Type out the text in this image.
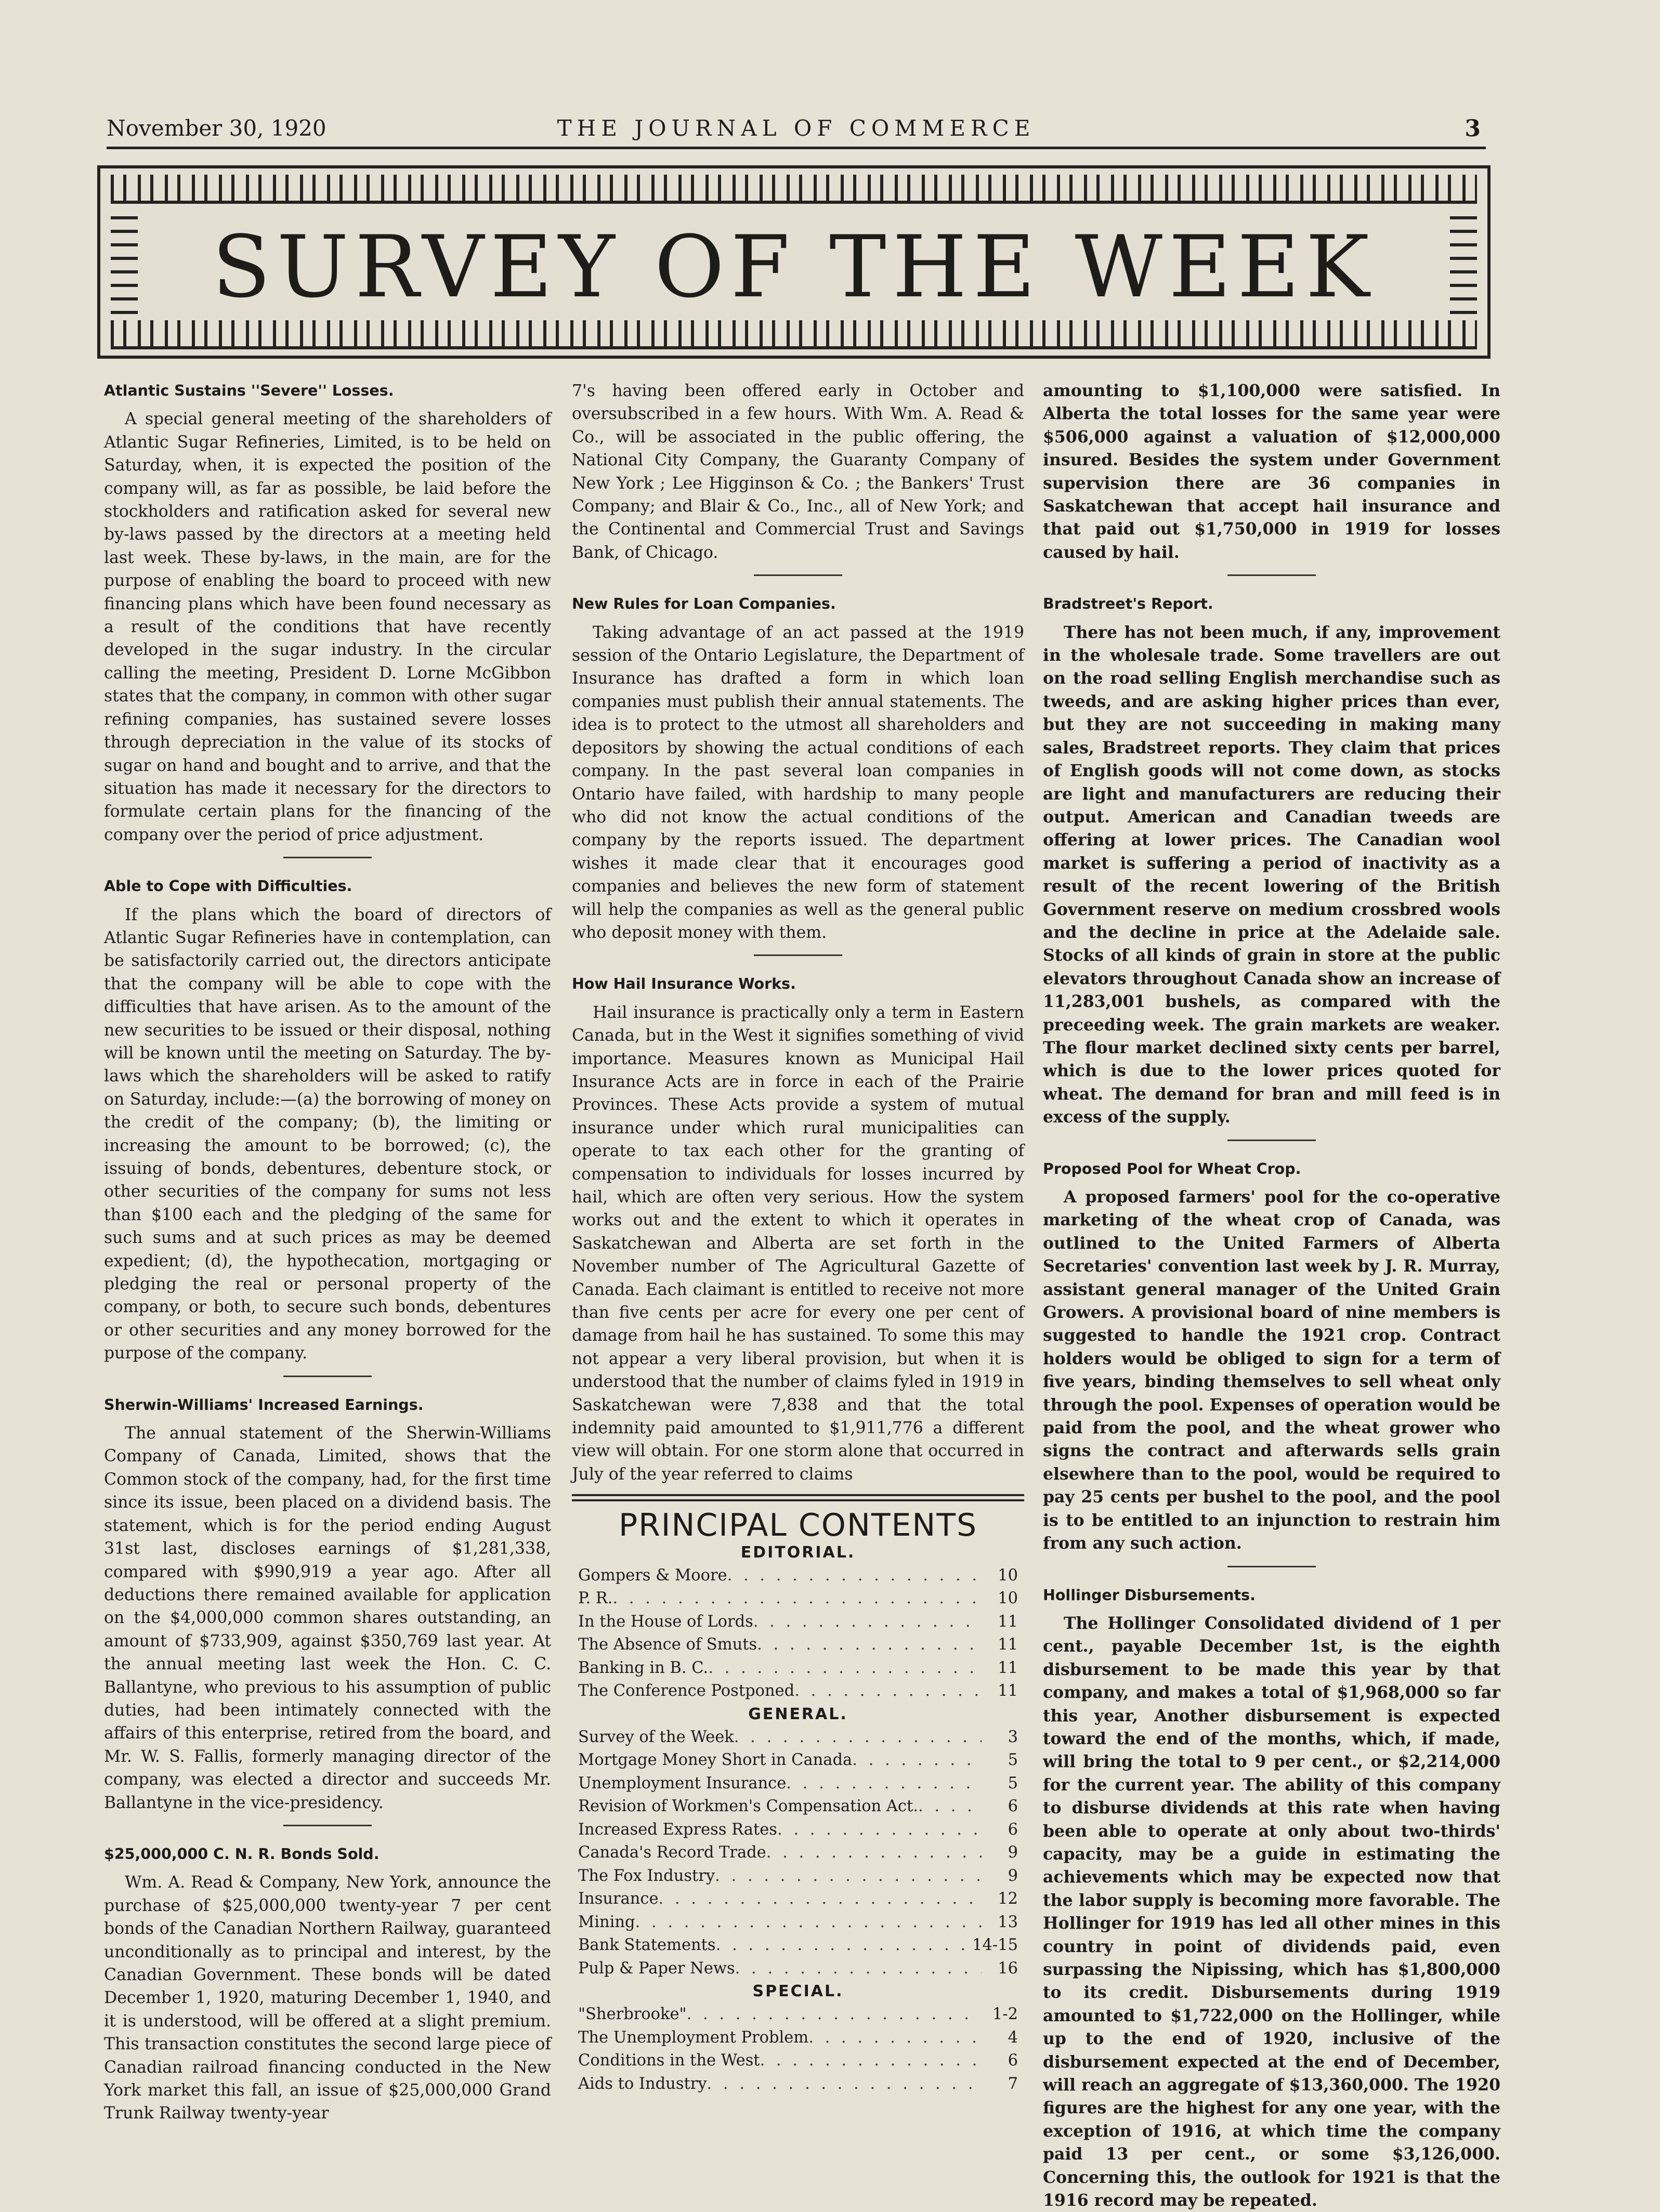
November 30, 1920	THE JOURNAL OF COMMERCE	3
SURVEY OF THE WEEK
Atlantic Sustains ''Severe'' Losses.

A special general meeting of the shareholders of Atlantic Sugar Refineries, Limited, is to be held on Saturday, when, it is expected the position of the company will, as far as possible, be laid before the stockholders and ratification asked for several new by-laws passed by the directors at a meeting held last week. These by-laws, in the main, are for the purpose of enabling the board to proceed with new financing plans which have been found necessary as a result of the conditions that have recently developed in the sugar industry. In the circular calling the meeting, President D. Lorne McGibbon states that the company, in common with other sugar refining companies, has sustained severe losses through depreciation in the value of its stocks of sugar on hand and bought and to arrive, and that the situation has made it necessary for the directors to formulate certain plans for the financing of the company over the period of price adjustment.

Able to Cope with Difficulties.

If the plans which the board of directors of Atlantic Sugar Refineries have in contemplation, can be satisfactorily carried out, the directors anticipate that the company will be able to cope with the difficulties that have arisen. As to the amount of the new securities to be issued or their disposal, nothing will be known until the meeting on Saturday. The by-laws which the shareholders will be asked to ratify on Saturday, include:—(a) the borrowing of money on the credit of the company; (b), the limiting or increasing the amount to be borrowed; (c), the issuing of bonds, debentures, debenture stock, or other securities of the company for sums not less than $100 each and the pledging of the same for such sums and at such prices as may be deemed expedient; (d), the hypothecation, mortgaging or pledging the real or personal property of the company, or both, to secure such bonds, debentures or other securities and any money borrowed for the purpose of the company.

Sherwin-Williams' Increased Earnings.

The annual statement of the Sherwin-Williams Company of Canada, Limited, shows that the Common stock of the company, had, for the first time since its issue, been placed on a dividend basis. The statement, which is for the period ending August 31st last, discloses earnings of $1,281,338, compared with $990,919 a year ago. After all deductions there remained available for application on the $4,000,000 common shares outstanding, an amount of $733,909, against $350,769 last year. At the annual meeting last week the Hon. C. C. Ballantyne, who previous to his assumption of public duties, had been intimately connected with the affairs of this enterprise, retired from the board, and Mr. W. S. Fallis, formerly managing director of the company, was elected a director and succeeds Mr. Ballantyne in the vice-presidency.

$25,000,000 C. N. R. Bonds Sold.

Wm. A. Read & Company, New York, announce the purchase of $25,000,000 twenty-year 7 per cent bonds of the Canadian Northern Railway, guaranteed unconditionally as to principal and interest, by the Canadian Government. These bonds will be dated December 1, 1920, maturing December 1, 1940, and it is understood, will be offered at a slight premium. This transaction constitutes the second large piece of Canadian railroad financing conducted in the New York market this fall, an issue of $25,000,000 Grand Trunk Railway twenty-year

7's having been offered early in October and oversubscribed in a few hours. With Wm. A. Read & Co., will be associated in the public offering, the National City Company, the Guaranty Company of New York ; Lee Higginson & Co. ; the Bankers' Trust Company; and Blair & Co., Inc., all of New York; and the Continental and Commercial Trust and Savings Bank, of Chicago.

New Rules for Loan Companies.

Taking advantage of an act passed at the 1919 session of the Ontario Legislature, the Department of Insurance has drafted a form in which loan companies must publish their annual statements. The idea is to protect to the utmost all shareholders and depositors by showing the actual conditions of each company. In the past several loan companies in Ontario have failed, with hardship to many people who did not know the actual conditions of the company by the reports issued. The department wishes it made clear that it encourages good companies and believes the new form of statement will help the companies as well as the general public who deposit money with them.

How Hail Insurance Works.

Hail insurance is practically only a term in Eastern Canada, but in the West it signifies something of vivid importance. Measures known as Municipal Hail Insurance Acts are in force in each of the Prairie Provinces. These Acts provide a system of mutual insurance under which rural municipalities can operate to tax each other for the granting of compensation to individuals for losses incurred by hail, which are often very serious. How the system works out and the extent to which it operates in Saskatchewan and Alberta are set forth in the November number of The Agricultural Gazette of Canada. Each claimant is entitled to receive not more than five cents per acre for every one per cent of damage from hail he has sustained. To some this may not appear a very liberal provision, but when it is understood that the number of claims fyled in 1919 in Saskatchewan were 7,838 and that the total indemnity paid amounted to $1,911,776 a different view will obtain. For one storm alone that occurred in July of the year referred to claims

PRINCIPAL CONTENTS
EDITORIAL.
Gompers & Moore . . .	10
P. R. . . .	10
In the House of Lords . . .	11
The Absence of Smuts . . .	11
Banking in B. C. . . .	11
The Conference Postponed . . .	11
GENERAL.
Survey of the Week . . .	3
Mortgage Money Short in Canada . . .	5
Unemployment Insurance . . .	5
Revision of Workmen's Compensation Act. . . .	6
Increased Express Rates . . .	6
Canada's Record Trade . . .	9
The Fox Industry . . .	9
Insurance . . .	12
Mining . . .	13
Bank Statements . . .	14-15
Pulp & Paper News . . .	16
SPECIAL.
"Sherbrooke" . . .	1-2
The Unemployment Problem . . .	4
Conditions in the West . . .	6
Aids to Industry . . .	7

amounting to $1,100,000 were satisfied. In Alberta the total losses for the same year were $506,000 against a valuation of $12,000,000 insured. Besides the system under Government supervision there are 36 companies in Saskatchewan that accept hail insurance and that paid out $1,750,000 in 1919 for losses caused by hail.

Bradstreet's Report.

There has not been much, if any, improvement in the wholesale trade. Some travellers are out on the road selling English merchandise such as tweeds, and are asking higher prices than ever, but they are not succeeding in making many sales, Bradstreet reports. They claim that prices of English goods will not come down, as stocks are light and manufacturers are reducing their output. American and Canadian tweeds are offering at lower prices. The Canadian wool market is suffering a period of inactivity as a result of the recent lowering of the British Government reserve on medium crossbred wools and the decline in price at the Adelaide sale. Stocks of all kinds of grain in store at the public elevators throughout Canada show an increase of 11,283,001 bushels, as compared with the preceeding week. The grain markets are weaker. The flour market declined sixty cents per barrel, which is due to the lower prices quoted for wheat. The demand for bran and mill feed is in excess of the supply.

Proposed Pool for Wheat Crop.

A proposed farmers' pool for the co-operative marketing of the wheat crop of Canada, was outlined to the United Farmers of Alberta Secretaries' convention last week by J. R. Murray, assistant general manager of the United Grain Growers. A provisional board of nine members is suggested to handle the 1921 crop. Contract holders would be obliged to sign for a term of five years, binding themselves to sell wheat only through the pool. Expenses of operation would be paid from the pool, and the wheat grower who signs the contract and afterwards sells grain elsewhere than to the pool, would be required to pay 25 cents per bushel to the pool, and the pool is to be entitled to an injunction to restrain him from any such action.

Hollinger Disbursements.

The Hollinger Consolidated dividend of 1 per cent., payable December 1st, is the eighth disbursement to be made this year by that company, and makes a total of $1,968,000 so far this year, Another disbursement is expected toward the end of the months, which, if made, will bring the total to 9 per cent., or $2,214,000 for the current year. The ability of this company to disburse dividends at this rate when having been able to operate at only about two-thirds' capacity, may be a guide in estimating the achievements which may be expected now that the labor supply is becoming more favorable. The Hollinger for 1919 has led all other mines in this country in point of dividends paid, even surpassing the Nipissing, which has $1,800,000 to its credit. Disbursements during 1919 amounted to $1,722,000 on the Hollinger, while up to the end of 1920, inclusive of the disbursement expected at the end of December, will reach an aggregate of $13,360,000. The 1920 figures are the highest for any one year, with the exception of 1916, at which time the company paid 13 per cent., or some $3,126,000. Concerning this, the outlook for 1921 is that the 1916 record may be repeated.
